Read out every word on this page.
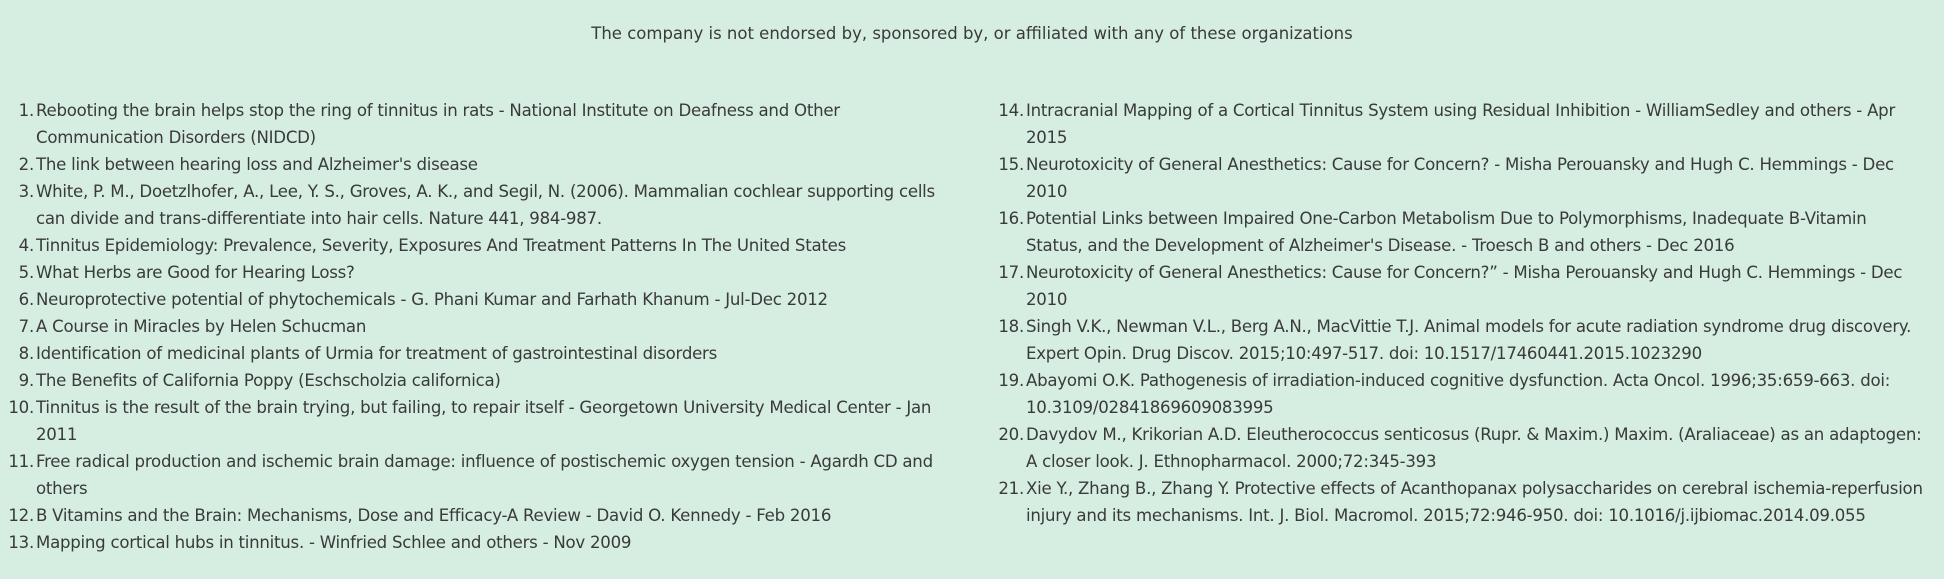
The company is not endorsed by, sponsored by, or affiliated with any of these organizations
1. Rebooting the brain helps stop the ring of tinnitus in rats - National Institute on Deafness and Other Communication Disorders (NIDCD)
2. The link between hearing loss and Alzheimer's disease
3. White, P. M., Doetzlhofer, A., Lee, Y. S., Groves, A. K., and Segil, N. (2006). Mammalian cochlear supporting cells can divide and trans-differentiate into hair cells. Nature 441, 984-987.
4. Tinnitus Epidemiology: Prevalence, Severity, Exposures And Treatment Patterns In The United States
5. What Herbs are Good for Hearing Loss?
6. Neuroprotective potential of phytochemicals - G. Phani Kumar and Farhath Khanum - Jul-Dec 2012
7. A Course in Miracles by Helen Schucman
8. Identification of medicinal plants of Urmia for treatment of gastrointestinal disorders
9. The Benefits of California Poppy (Eschscholzia californica)
10. Tinnitus is the result of the brain trying, but failing, to repair itself - Georgetown University Medical Center - Jan 2011
11. Free radical production and ischemic brain damage: influence of postischemic oxygen tension - Agardh CD and others
12. B Vitamins and the Brain: Mechanisms, Dose and Efficacy-A Review - David O. Kennedy - Feb 2016
13. Mapping cortical hubs in tinnitus. - Winfried Schlee and others - Nov 2009
14. Intracranial Mapping of a Cortical Tinnitus System using Residual Inhibition - WilliamSedley and others - Apr 2015
15. Neurotoxicity of General Anesthetics: Cause for Concern? - Misha Perouansky and Hugh C. Hemmings - Dec 2010
16. Potential Links between Impaired One-Carbon Metabolism Due to Polymorphisms, Inadequate B-Vitamin Status, and the Development of Alzheimer's Disease. - Troesch B and others - Dec 2016
17. Neurotoxicity of General Anesthetics: Cause for Concern?” - Misha Perouansky and Hugh C. Hemmings - Dec 2010
18. Singh V.K., Newman V.L., Berg A.N., MacVittie T.J. Animal models for acute radiation syndrome drug discovery. Expert Opin. Drug Discov. 2015;10:497-517. doi: 10.1517/17460441.2015.1023290
19. Abayomi O.K. Pathogenesis of irradiation-induced cognitive dysfunction. Acta Oncol. 1996;35:659-663. doi: 10.3109/02841869609083995
20. Davydov M., Krikorian A.D. Eleutherococcus senticosus (Rupr. & Maxim.) Maxim. (Araliaceae) as an adaptogen: A closer look. J. Ethnopharmacol. 2000;72:345-393
21. Xie Y., Zhang B., Zhang Y. Protective effects of Acanthopanax polysaccharides on cerebral ischemia-reperfusion injury and its mechanisms. Int. J. Biol. Macromol. 2015;72:946-950. doi: 10.1016/j.ijbiomac.2014.09.055
